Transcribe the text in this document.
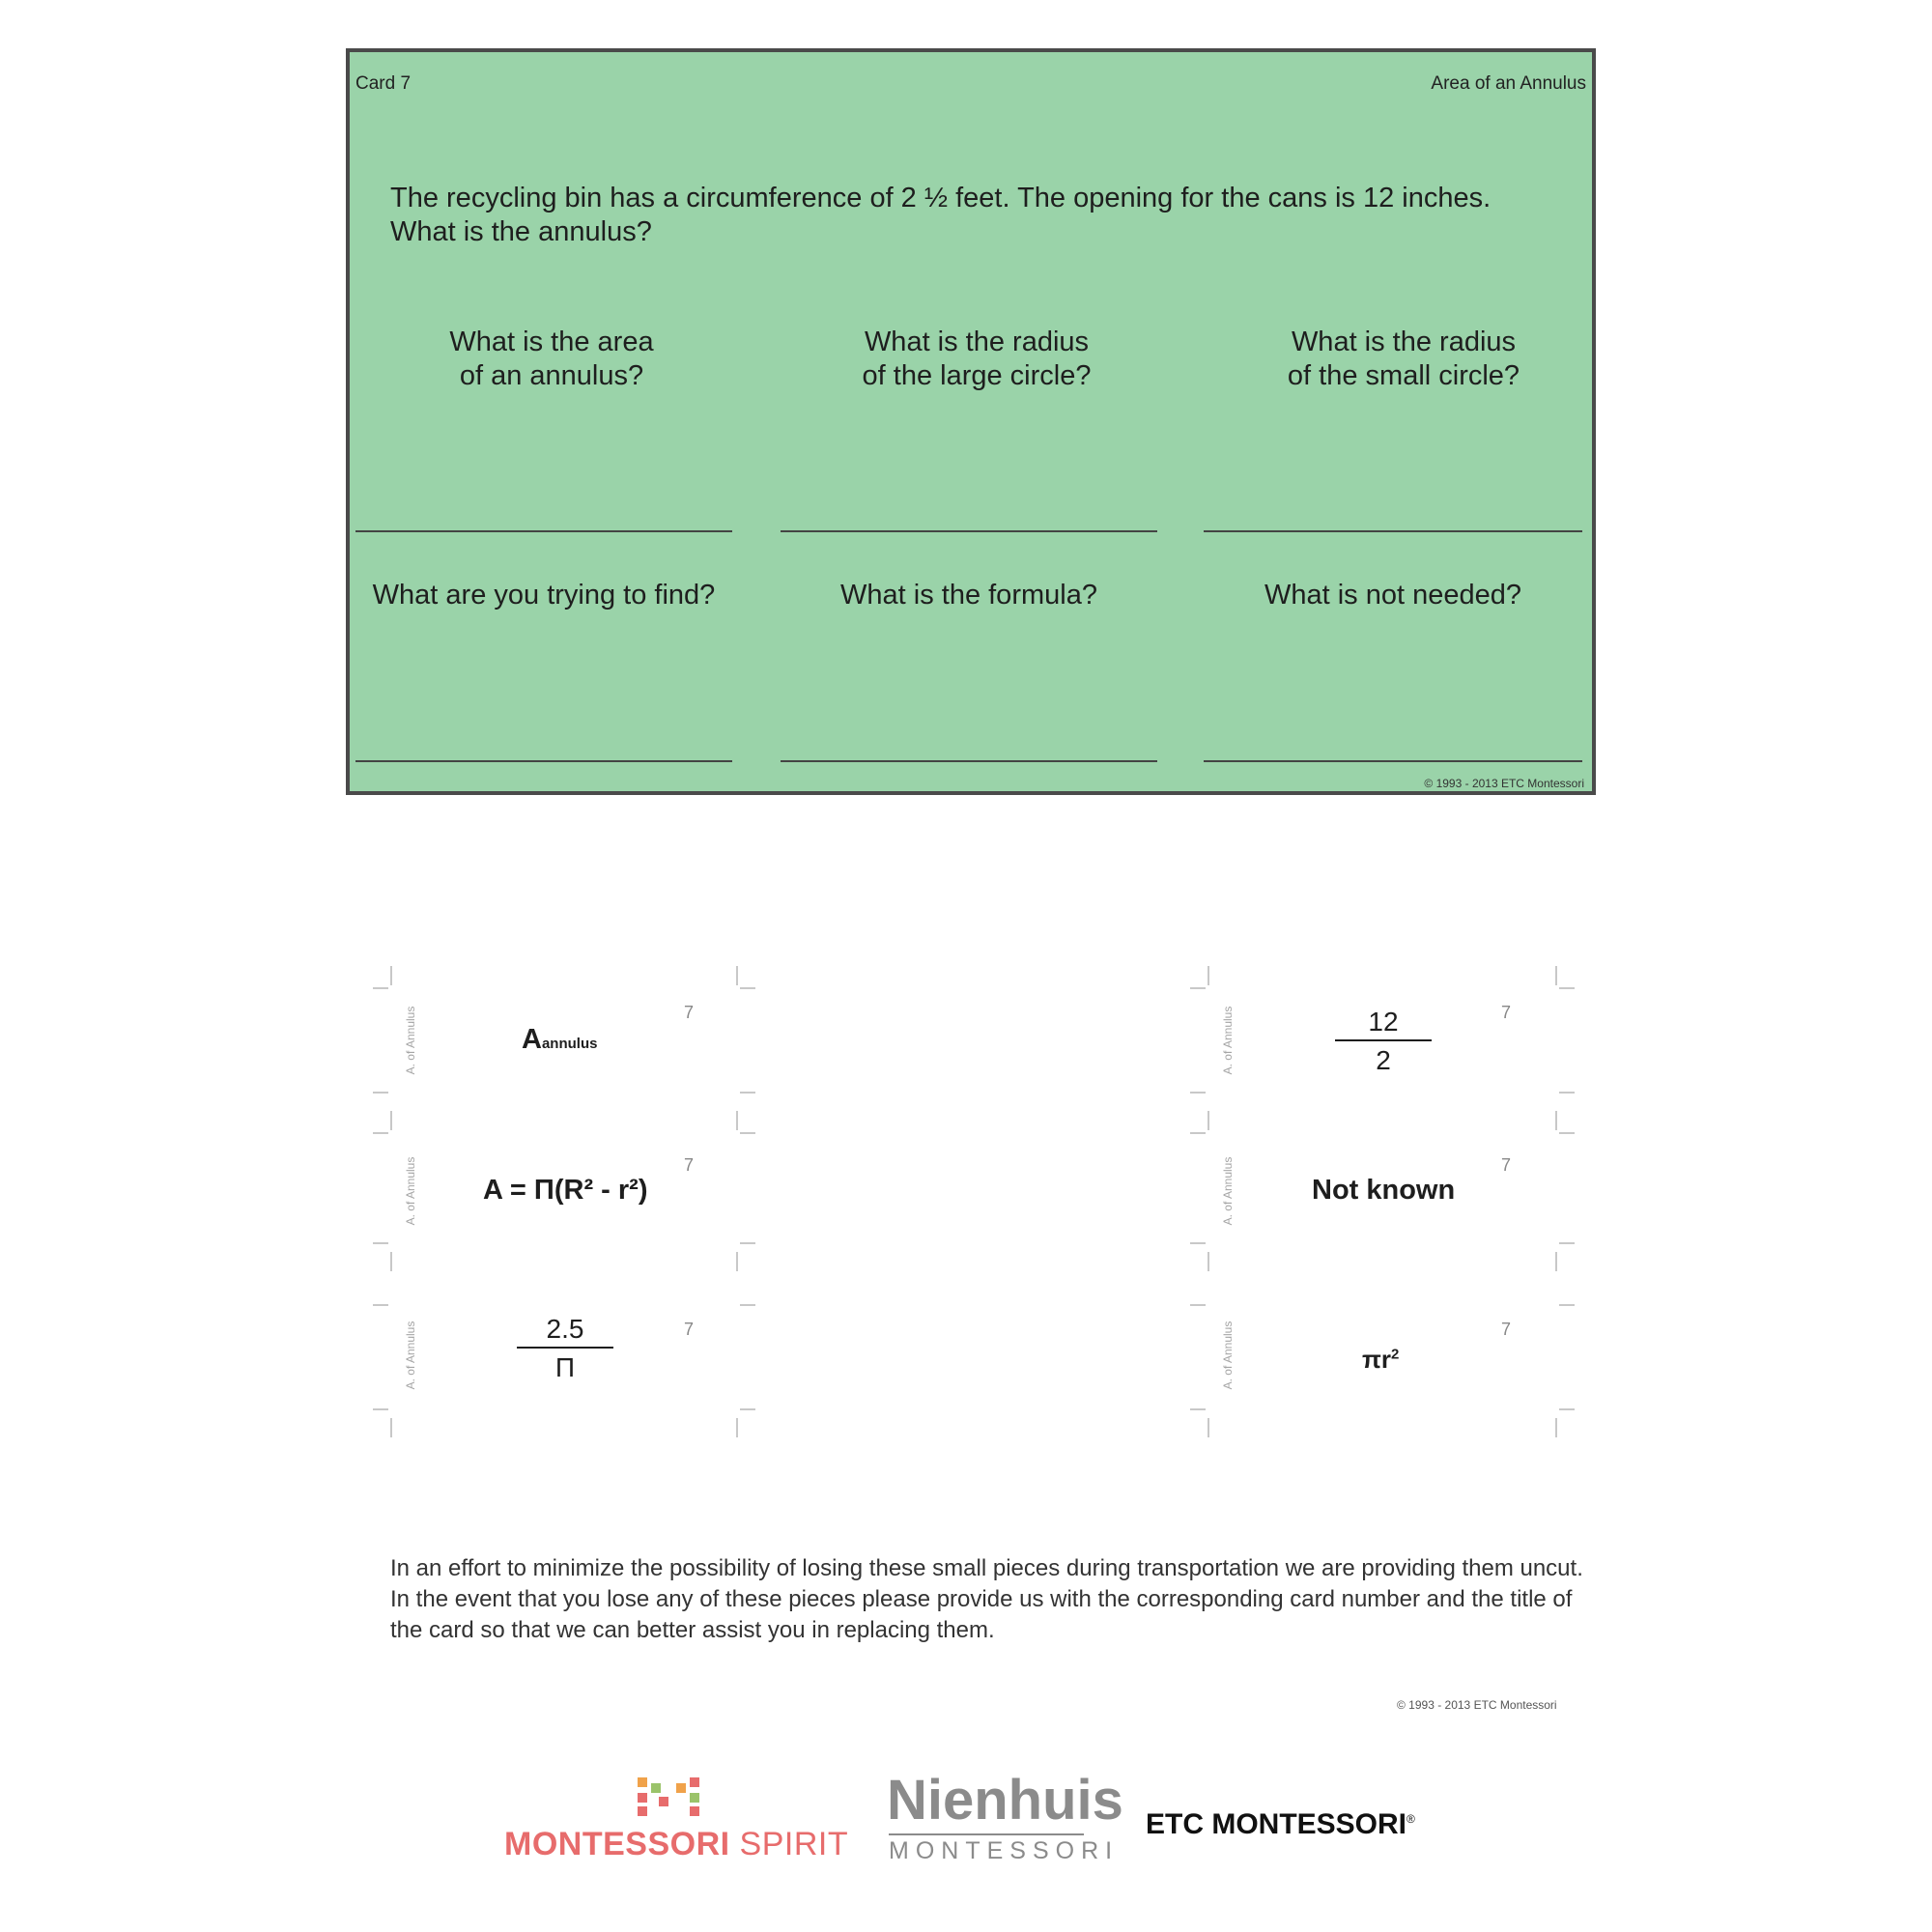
Card 7	Area of an Annulus
The recycling bin has a circumference of 2 ½ feet. The opening for the cans is 12 inches. What is the annulus?
What is the area
of an annulus?
What is the radius
of the large circle?
What is the radius
of the small circle?
What are you trying to find?	What is the formula?	What is not needed?
© 1993 - 2013 ETC Montessori
A. of Annulus
A. of Annulus
A. of Annulus
A. of Annulus
A. of Annulus
A. of Annulus
7
7
7
7
7
7
Aannulus
A = Π(R² - r²)
$\frac{2.5}{\Pi}$
$\frac{12}{2}$
Not known
$\pi r^2$
In an effort to minimize the possibility of losing these small pieces during transportation we are providing them uncut. In the event that you lose any of these pieces please provide us with the corresponding card number and the title of the card so that we can better assist you in replacing them.
© 1993 - 2013 ETC Montessori
MONTESSORI SPIRIT
Nienhuis
MONTESSORI
ETC MONTESSORI®
